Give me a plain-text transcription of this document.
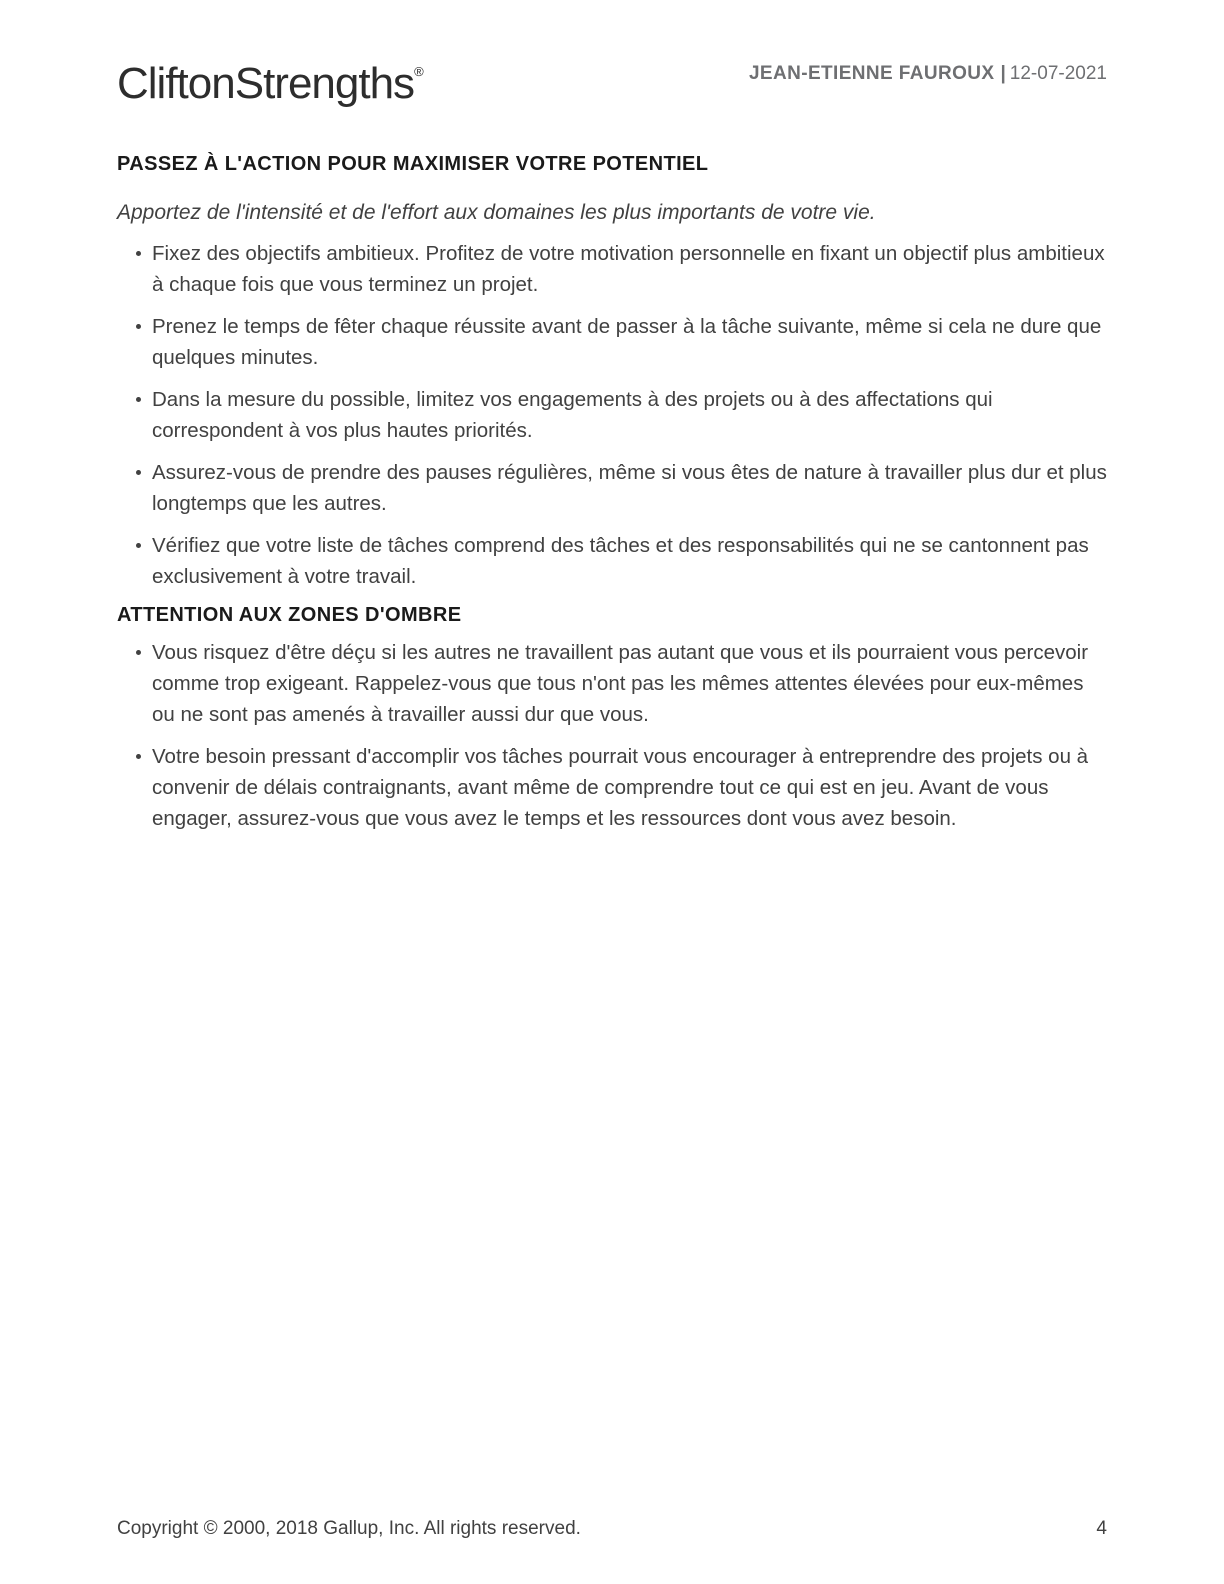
CliftonStrengths®	JEAN-ETIENNE FAUROUX | 12-07-2021
PASSEZ À L'ACTION POUR MAXIMISER VOTRE POTENTIEL

Apportez de l'intensité et de l'effort aux domaines les plus importants de votre vie.

Fixez des objectifs ambitieux. Profitez de votre motivation personnelle en fixant un objectif plus ambitieux à chaque fois que vous terminez un projet.
Prenez le temps de fêter chaque réussite avant de passer à la tâche suivante, même si cela ne dure que quelques minutes.
Dans la mesure du possible, limitez vos engagements à des projets ou à des affectations qui correspondent à vos plus hautes priorités.
Assurez-vous de prendre des pauses régulières, même si vous êtes de nature à travailler plus dur et plus longtemps que les autres.
Vérifiez que votre liste de tâches comprend des tâches et des responsabilités qui ne se cantonnent pas exclusivement à votre travail.
ATTENTION AUX ZONES D'OMBRE
Vous risquez d'être déçu si les autres ne travaillent pas autant que vous et ils pourraient vous percevoir comme trop exigeant. Rappelez-vous que tous n'ont pas les mêmes attentes élevées pour eux-mêmes ou ne sont pas amenés à travailler aussi dur que vous.
Votre besoin pressant d'accomplir vos tâches pourrait vous encourager à entreprendre des projets ou à convenir de délais contraignants, avant même de comprendre tout ce qui est en jeu. Avant de vous engager, assurez-vous que vous avez le temps et les ressources dont vous avez besoin.
Copyright © 2000, 2018 Gallup, Inc. All rights reserved.	4
